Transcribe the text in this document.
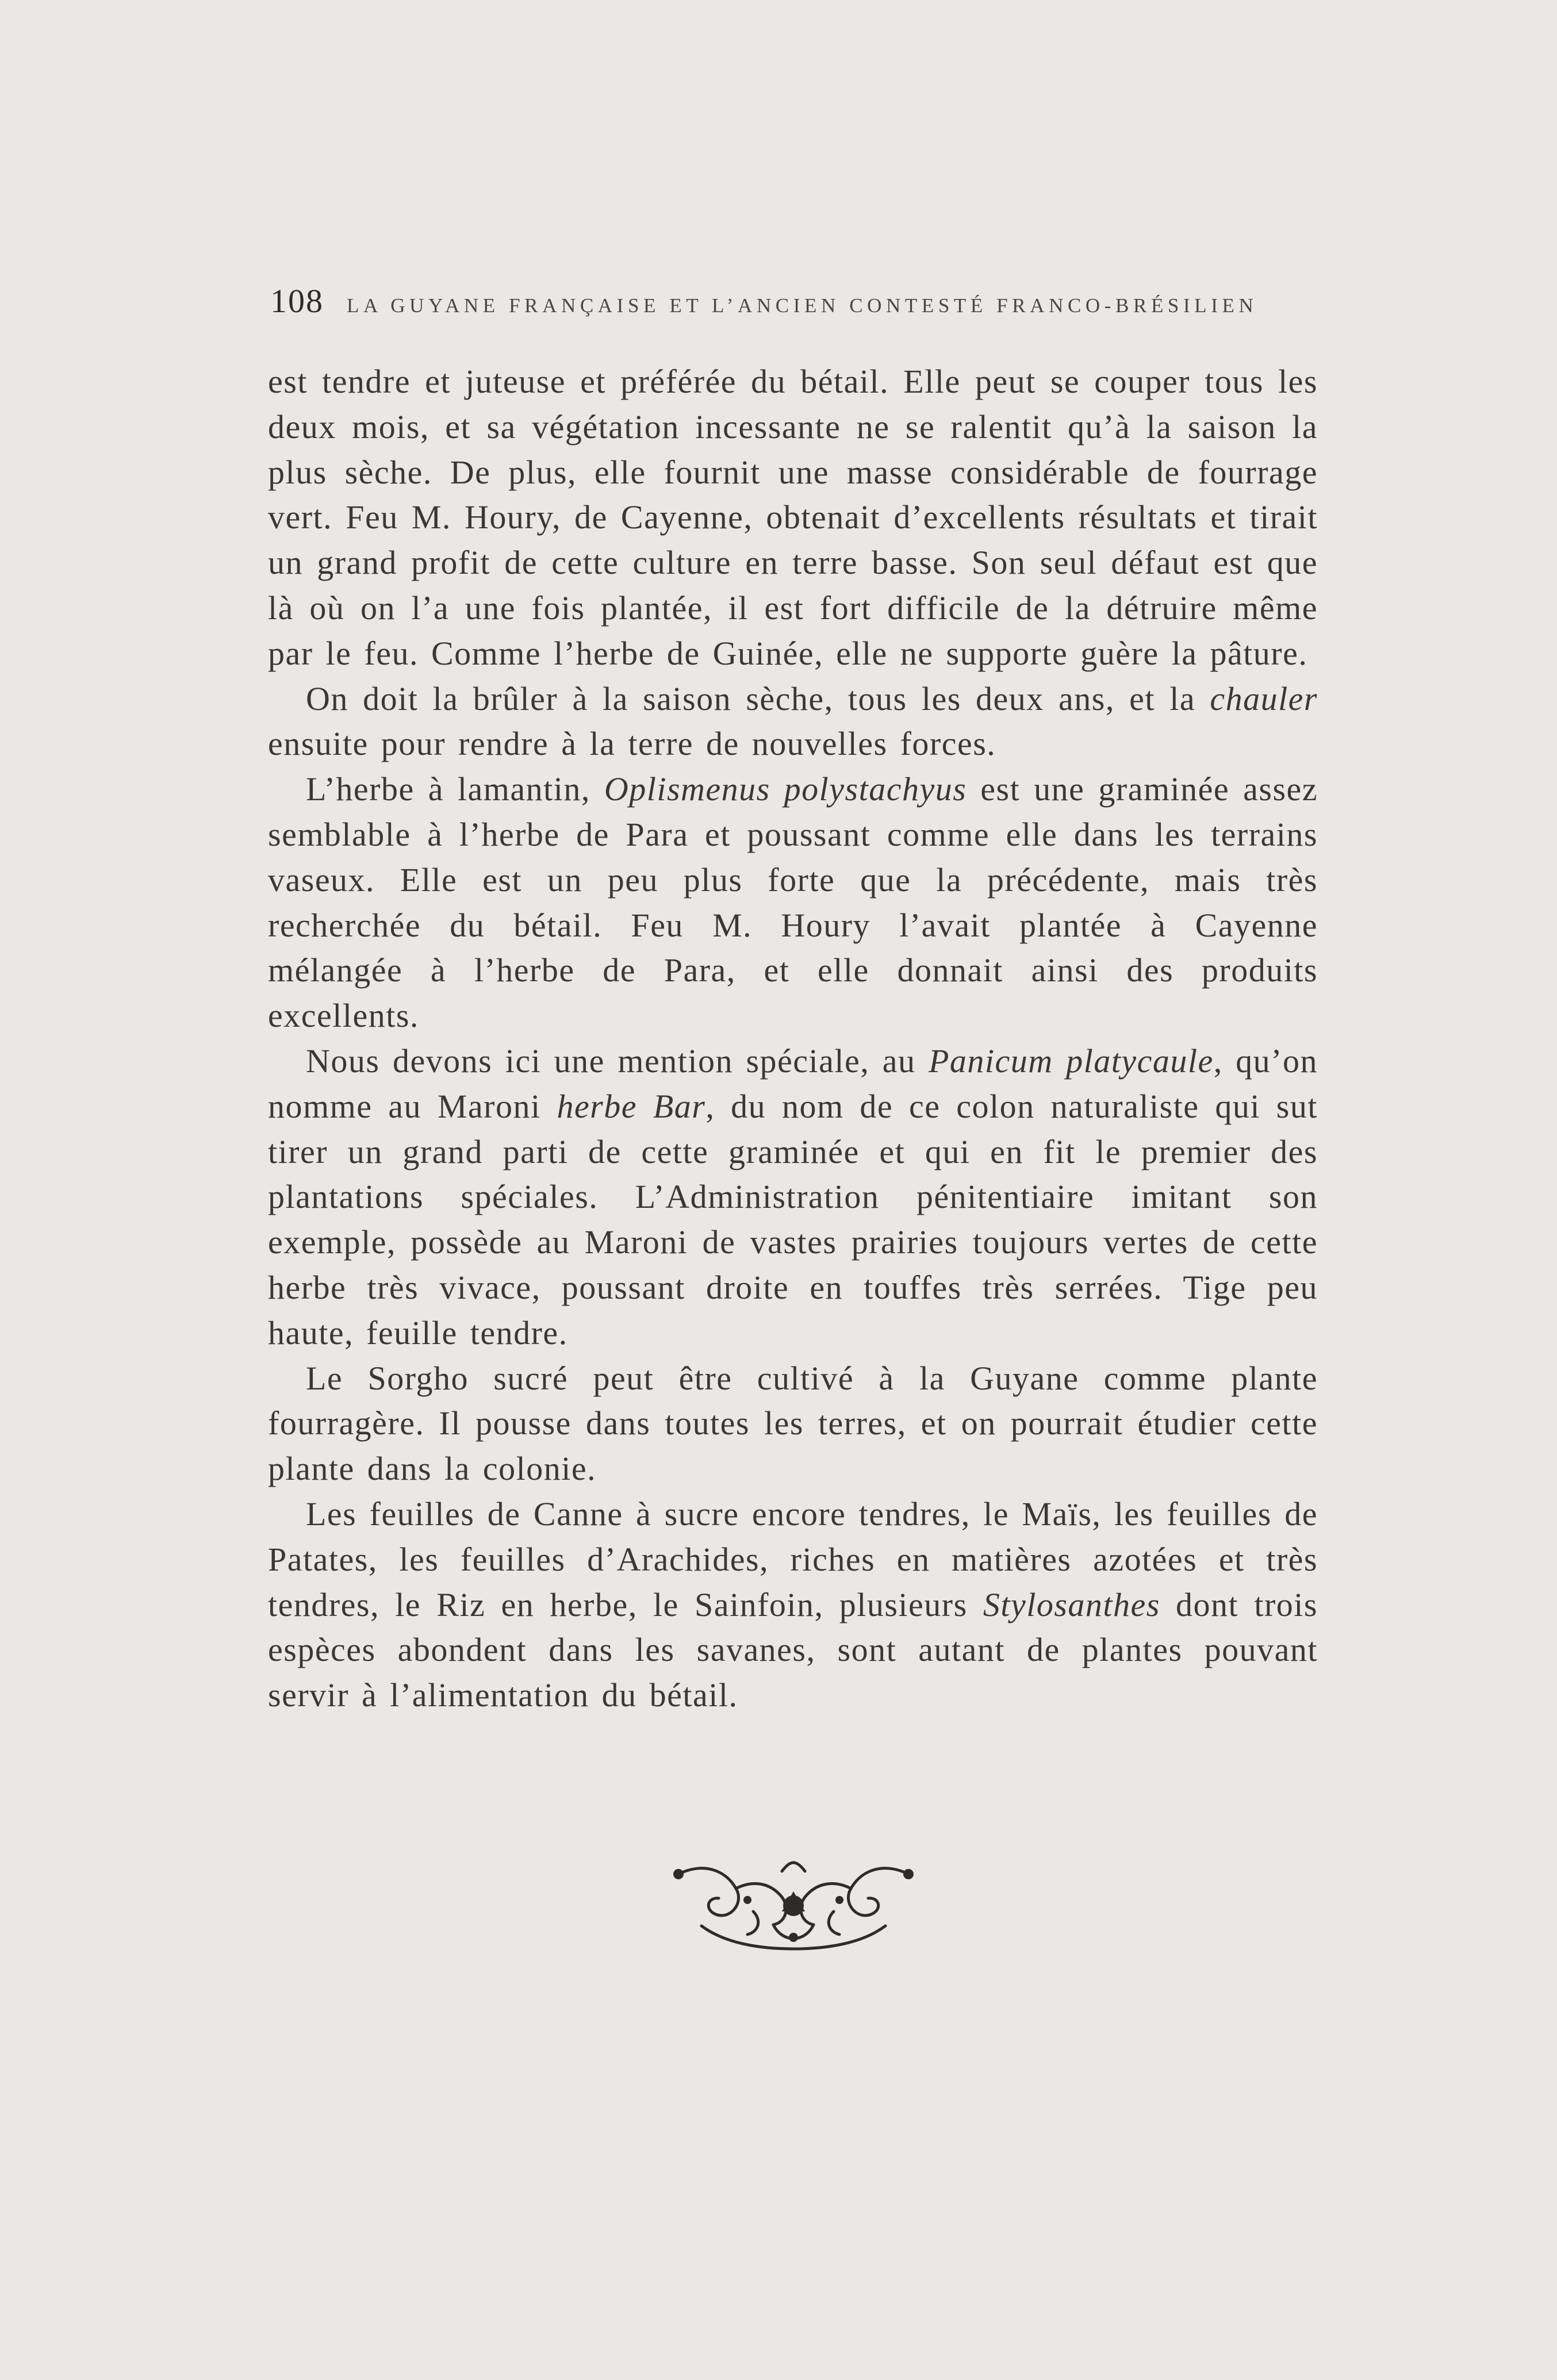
108 LA GUYANE FRANÇAISE ET L’ANCIEN CONTESTÉ FRANCO-BRÉSILIEN

est tendre et juteuse et préférée du bétail. Elle peut se couper tous les deux mois, et sa végétation incessante ne se ralentit qu’à la saison la plus sèche. De plus, elle fournit une masse considérable de fourrage vert. Feu M. Houry, de Cayenne, obtenait d’excellents résultats et tirait un grand profit de cette culture en terre basse. Son seul défaut est que là où on l’a une fois plantée, il est fort difficile de la détruire même par le feu. Comme l’herbe de Guinée, elle ne supporte guère la pâture.

On doit la brûler à la saison sèche, tous les deux ans, et la chauler ensuite pour rendre à la terre de nouvelles forces.

L’herbe à lamantin, Oplismenus polystachyus est une graminée assez semblable à l’herbe de Para et poussant comme elle dans les terrains vaseux. Elle est un peu plus forte que la précédente, mais très recherchée du bétail. Feu M. Houry l’avait plantée à Cayenne mélangée à l’herbe de Para, et elle donnait ainsi des produits excellents.

Nous devons ici une mention spéciale, au Panicum platycaule, qu’on nomme au Maroni herbe Bar, du nom de ce colon naturaliste qui sut tirer un grand parti de cette graminée et qui en fit le premier des plantations spéciales. L’Administration pénitentiaire imitant son exemple, possède au Maroni de vastes prairies toujours vertes de cette herbe très vivace, poussant droite en touffes très serrées. Tige peu haute, feuille tendre.

Le Sorgho sucré peut être cultivé à la Guyane comme plante fourragère. Il pousse dans toutes les terres, et on pourrait étudier cette plante dans la colonie.

Les feuilles de Canne à sucre encore tendres, le Maïs, les feuilles de Patates, les feuilles d’Arachides, riches en matières azotées et très tendres, le Riz en herbe, le Sainfoin, plusieurs Stylosanthes dont trois espèces abondent dans les savanes, sont autant de plantes pouvant servir à l’alimentation du bétail.
